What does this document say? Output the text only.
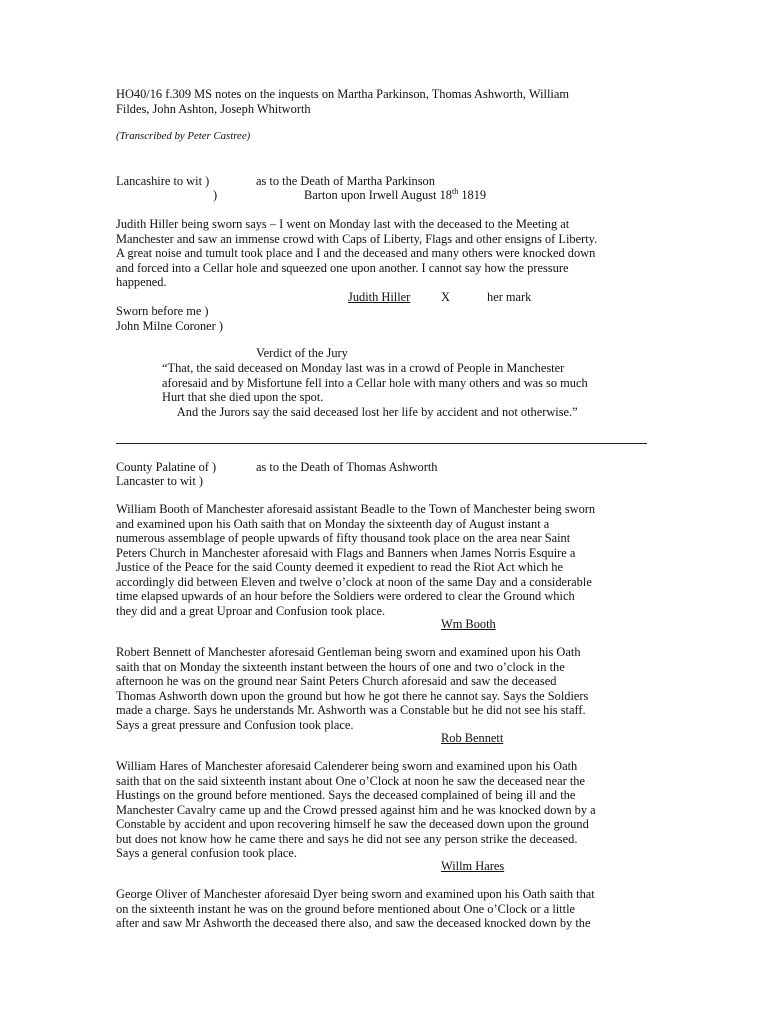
HO40/16 f.309 MS notes on the inquests on Martha Parkinson, Thomas Ashworth, William
Fildes, John Ashton, Joseph Whitworth
(Transcribed by Peter Castree)
Lancashire to wit )	as to the Death of Martha Parkinson
)	Barton upon Irwell August 18th 1819
Judith Hiller being sworn says – I went on Monday last with the deceased to the Meeting at
Manchester and saw an immense crowd with Caps of Liberty, Flags and other ensigns of Liberty.
A great noise and tumult took place and I and the deceased and many others were knocked down
and forced into a Cellar hole and squeezed one upon another. I cannot say how the pressure
happened.
Judith Hiller X	her mark
Sworn before me )
John Milne Coroner )
Verdict of the Jury
“That, the said deceased on Monday last was in a crowd of People in Manchester
aforesaid and by Misfortune fell into a Cellar hole with many others and was so much
Hurt that she died upon the spot.
And the Jurors say the said deceased lost her life by accident and not otherwise.”
County Palatine of )	as to the Death of Thomas Ashworth
Lancaster to wit )
William Booth of Manchester aforesaid assistant Beadle to the Town of Manchester being sworn
and examined upon his Oath saith that on Monday the sixteenth day of August instant a
numerous assemblage of people upwards of fifty thousand took place on the area near Saint
Peters Church in Manchester aforesaid with Flags and Banners when James Norris Esquire a
Justice of the Peace for the said County deemed it expedient to read the Riot Act which he
accordingly did between Eleven and twelve o’clock at noon of the same Day and a considerable
time elapsed upwards of an hour before the Soldiers were ordered to clear the Ground which
they did and a great Uproar and Confusion took place.
Wm Booth
Robert Bennett of Manchester aforesaid Gentleman being sworn and examined upon his Oath
saith that on Monday the sixteenth instant between the hours of one and two o’clock in the
afternoon he was on the ground near Saint Peters Church aforesaid and saw the deceased
Thomas Ashworth down upon the ground but how he got there he cannot say. Says the Soldiers
made a charge. Says he understands Mr. Ashworth was a Constable but he did not see his staff.
Says a great pressure and Confusion took place.
Rob Bennett
William Hares of Manchester aforesaid Calenderer being sworn and examined upon his Oath
saith that on the said sixteenth instant about One o’Clock at noon he saw the deceased near the
Hustings on the ground before mentioned. Says the deceased complained of being ill and the
Manchester Cavalry came up and the Crowd pressed against him and he was knocked down by a
Constable by accident and upon recovering himself he saw the deceased down upon the ground
but does not know how he came there and says he did not see any person strike the deceased.
Says a general confusion took place.
Willm Hares
George Oliver of Manchester aforesaid Dyer being sworn and examined upon his Oath saith that
on the sixteenth instant he was on the ground before mentioned about One o’Clock or a little
after and saw Mr Ashworth the deceased there also, and saw the deceased knocked down by the
